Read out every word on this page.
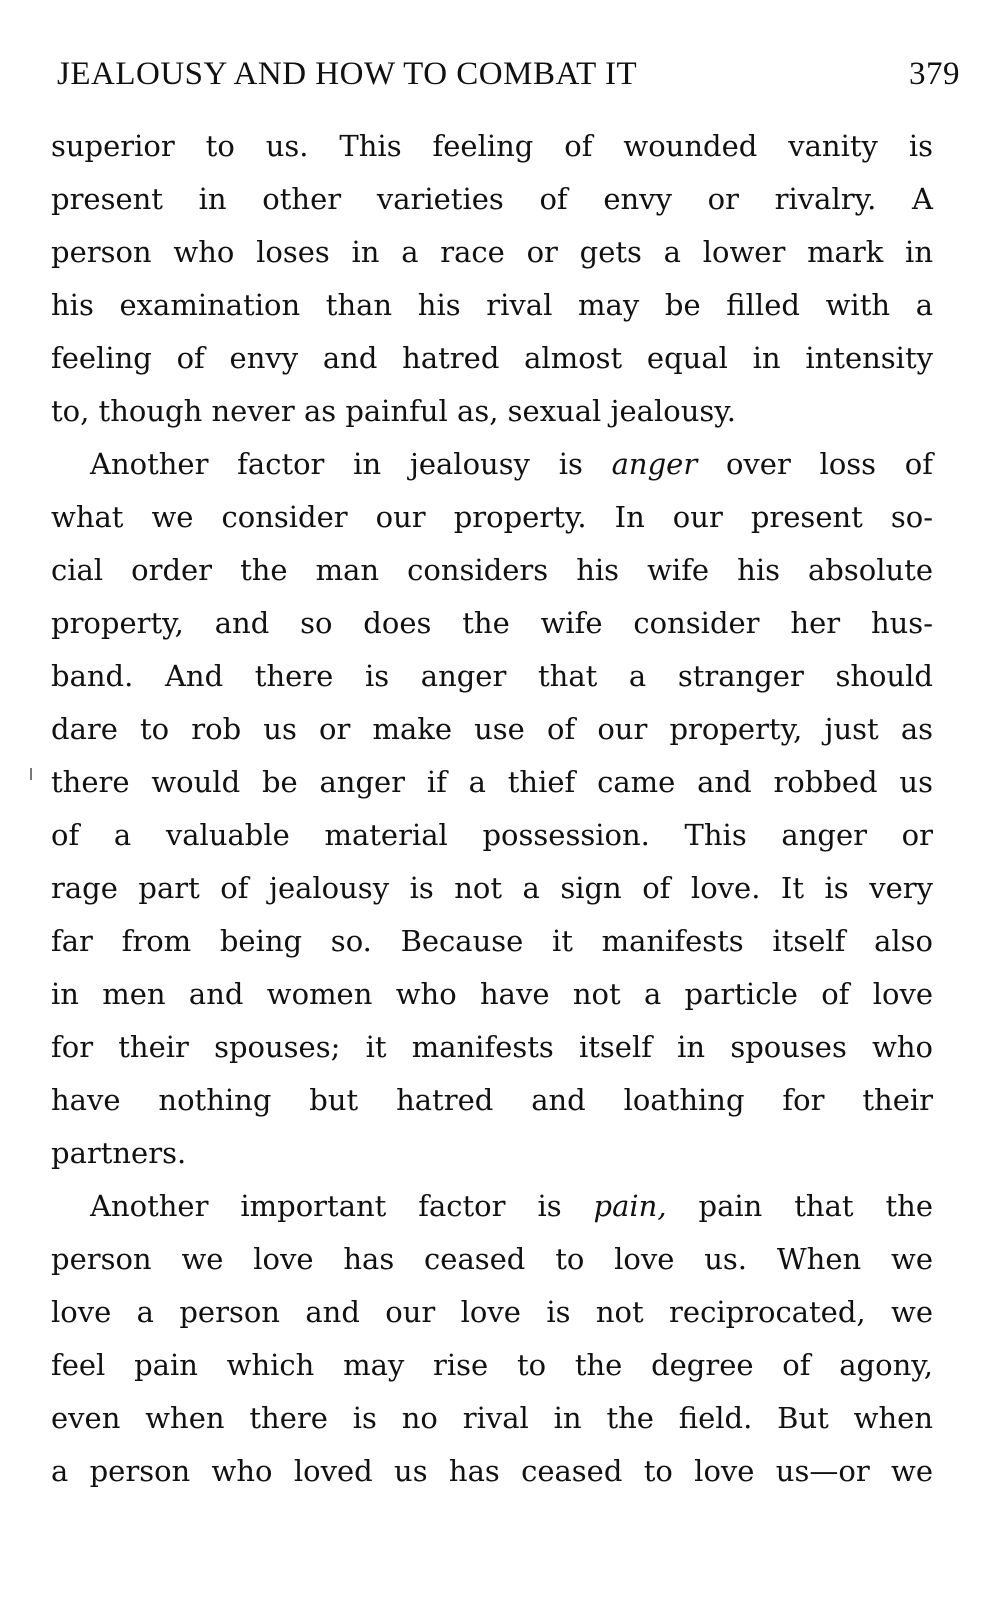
JEALOUSY AND HOW TO COMBAT IT	379
superior to us. This feeling of wounded vanity is
present in other varieties of envy or rivalry. A
person who loses in a race or gets a lower mark in
his examination than his rival may be filled with a
feeling of envy and hatred almost equal in intensity
to, though never as painful as, sexual jealousy.
Another factor in jealousy is anger over loss of
what we consider our property. In our present so-
cial order the man considers his wife his absolute
property, and so does the wife consider her hus-
band. And there is anger that a stranger should
dare to rob us or make use of our property, just as
there would be anger if a thief came and robbed us
of a valuable material possession. This anger or
rage part of jealousy is not a sign of love. It is very
far from being so. Because it manifests itself also
in men and women who have not a particle of love
for their spouses; it manifests itself in spouses who
have nothing but hatred and loathing for their
partners.
Another important factor is pain, pain that the
person we love has ceased to love us. When we
love a person and our love is not reciprocated, we
feel pain which may rise to the degree of agony,
even when there is no rival in the field. But when
a person who loved us has ceased to love us—or we
